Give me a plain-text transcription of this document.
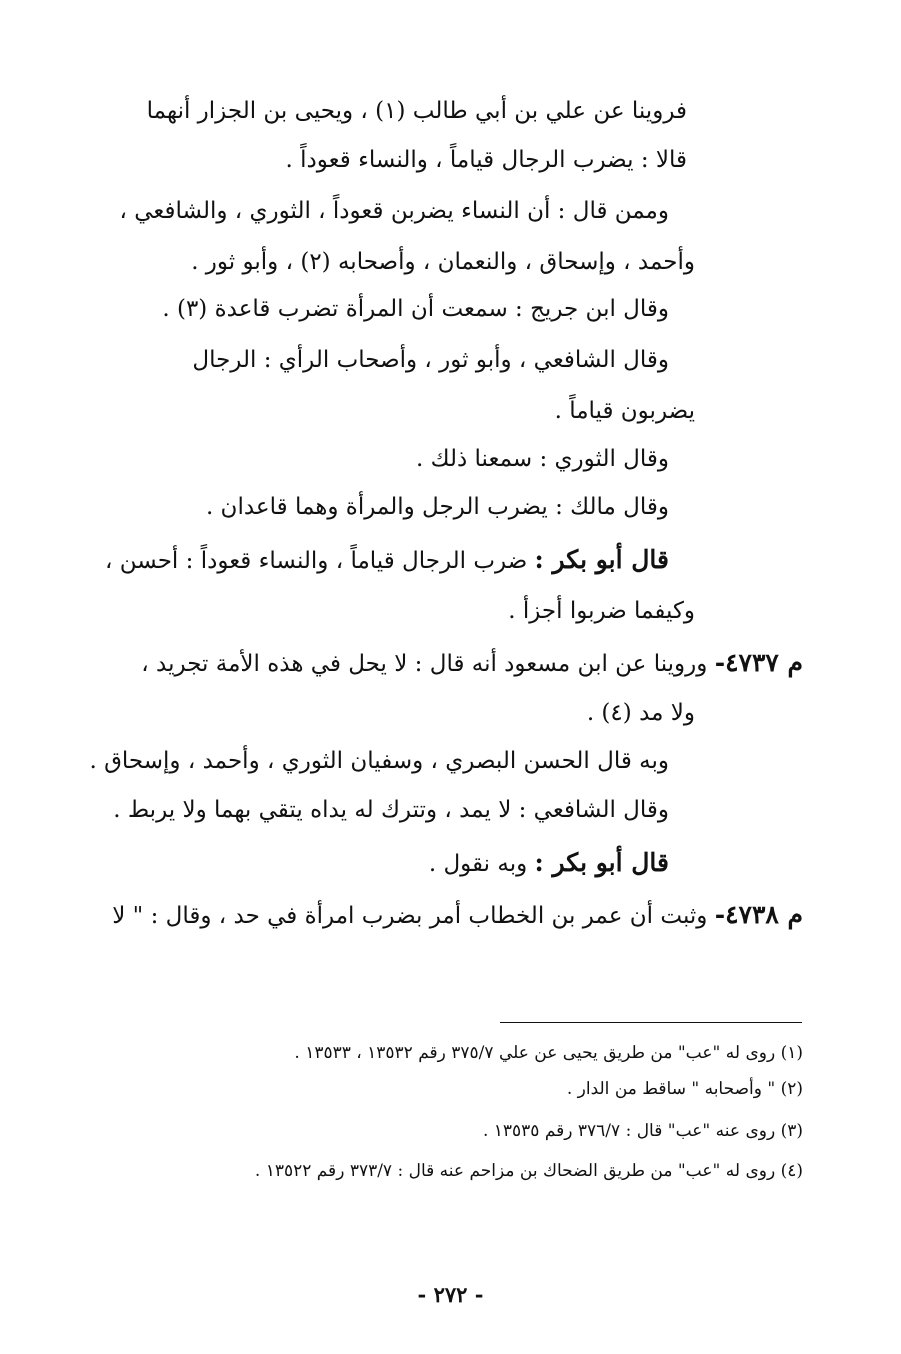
فروينا عن علي بن أبي طالب (١) ، ويحيى بن الجزار أنهما
قالا : يضرب الرجال قياماً ، والنساء قعوداً .
وممن قال : أن النساء يضربن قعوداً ، الثوري ، والشافعي ،
وأحمد ، وإسحاق ، والنعمان ، وأصحابه (٢) ، وأبو ثور .
وقال ابن جريج : سمعت أن المرأة تضرب قاعدة (٣) .
وقال الشافعي ، وأبو ثور ، وأصحاب الرأي : الرجال
يضربون قياماً .
وقال الثوري : سمعنا ذلك .
وقال مالك : يضرب الرجل والمرأة وهما قاعدان .
قال أبو بكر : ضرب الرجال قياماً ، والنساء قعوداً : أحسن ،
وكيفما ضربوا أجزأ .
م ٤٧٣٧- وروينا عن ابن مسعود أنه قال : لا يحل في هذه الأمة تجريد ،
ولا مد (٤) .
وبه قال الحسن البصري ، وسفيان الثوري ، وأحمد ، وإسحاق .
وقال الشافعي : لا يمد ، وتترك له يداه يتقي بهما ولا يربط .
قال أبو بكر : وبه نقول .
م ٤٧٣٨- وثبت أن عمر بن الخطاب أمر بضرب امرأة في حد ، وقال : " لا
(١) روى له "عب" من طريق يحيى عن علي ٣٧٥/٧ رقم ١٣٥٣٢ ، ١٣٥٣٣ .
(٢) " وأصحابه " ساقط من الدار .
(٣) روى عنه "عب" قال : ٣٧٦/٧ رقم ١٣٥٣٥ .
(٤) روى له "عب" من طريق الضحاك بن مزاحم عنه قال : ٣٧٣/٧ رقم ١٣٥٢٢ .
- ٢٧٢ -
